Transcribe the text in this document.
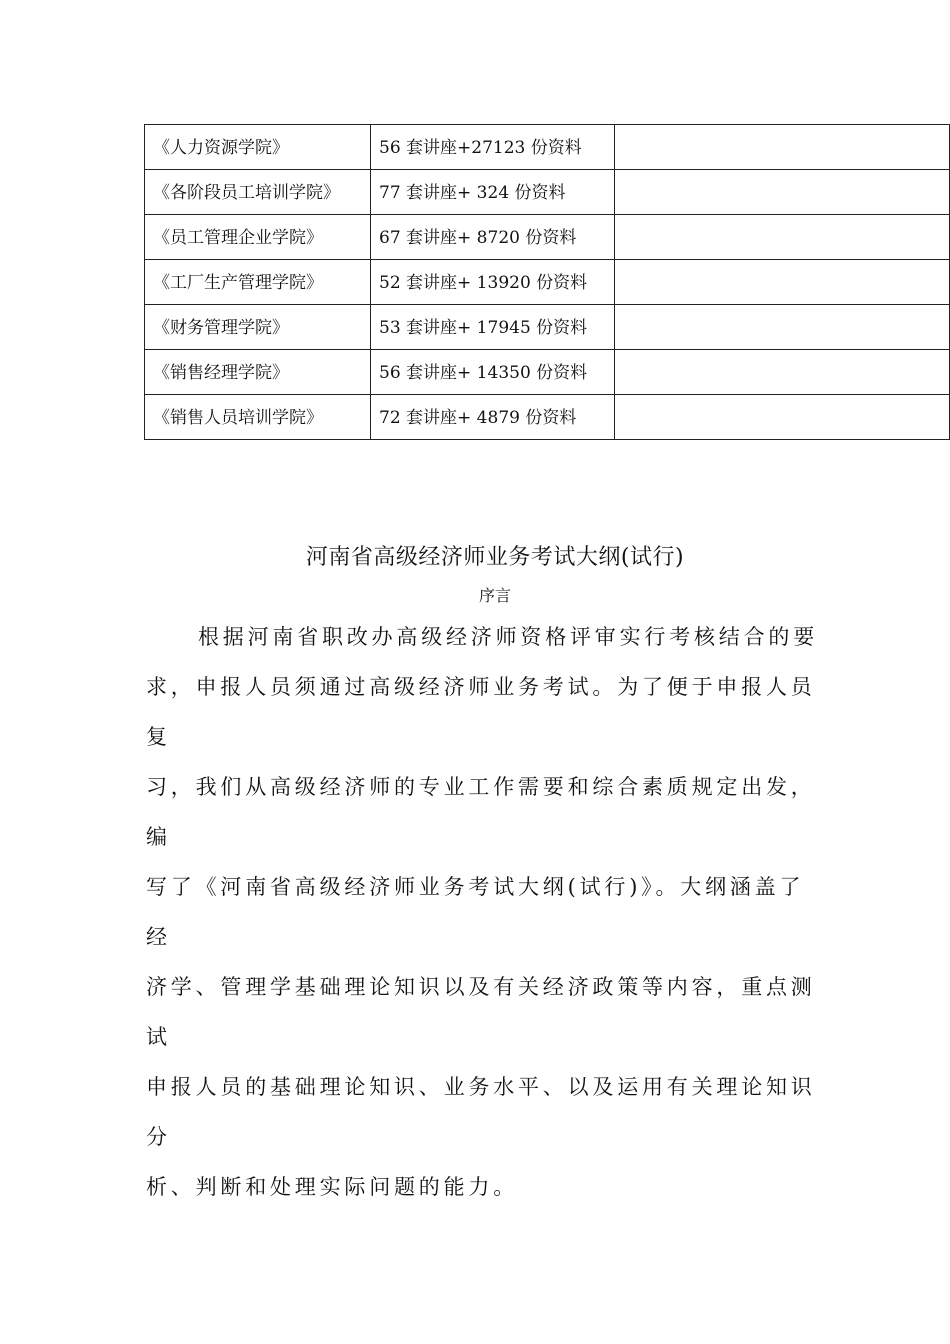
《人力资源学院》	56 套讲座+27123 份资料	
《各阶段员工培训学院》	77 套讲座+ 324 份资料	
《员工管理企业学院》	67 套讲座+ 8720 份资料	
《工厂生产管理学院》	52 套讲座+ 13920 份资料	
《财务管理学院》	53 套讲座+ 17945 份资料	
《销售经理学院》	56 套讲座+ 14350 份资料	
《销售人员培训学院》	72 套讲座+ 4879 份资料	
河南省高级经济师业务考试大纲(试行)
序言
根据河南省职改办高级经济师资格评审实行考核结合的要
求，申报人员须通过高级经济师业务考试。为了便于申报人员
复
习，我们从高级经济师的专业工作需要和综合素质规定出发，
编
写了《河南省高级经济师业务考试大纲(试行)》。大纲涵盖了
经
济学、管理学基础理论知识以及有关经济政策等内容，重点测
试
申报人员的基础理论知识、业务水平、以及运用有关理论知识
分
析、判断和处理实际问题的能力。
